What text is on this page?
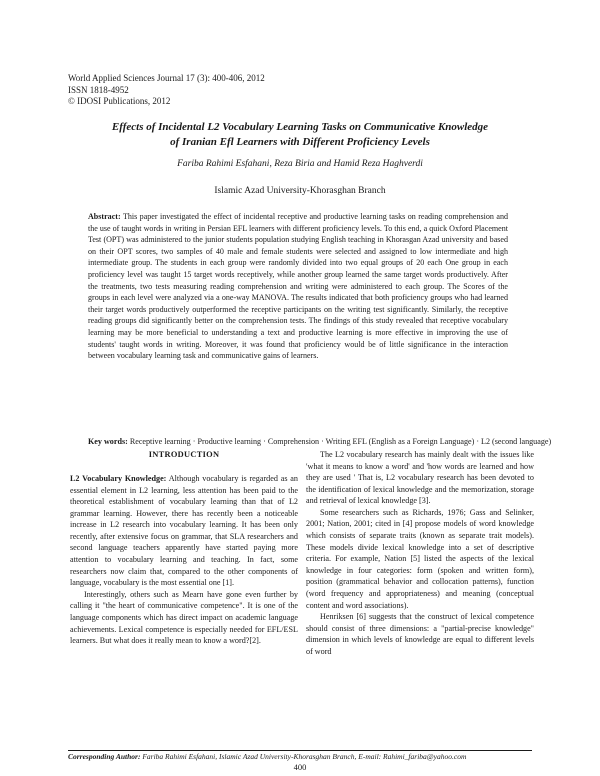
World Applied Sciences Journal 17 (3): 400-406, 2012
ISSN 1818-4952
© IDOSI Publications, 2012
Effects of Incidental L2 Vocabulary Learning Tasks on Communicative Knowledge
of Iranian Efl Learners with Different Proficiency Levels
Fariba Rahimi Esfahani, Reza Biria and Hamid Reza Haghverdi
Islamic Azad University-Khorasghan Branch
Abstract: This paper investigated the effect of incidental receptive and productive learning tasks on reading comprehension and the use of taught words in writing in Persian EFL learners with different proficiency levels. To this end, a quick Oxford Placement Test (OPT) was administered to the junior students population studying English teaching in Khorasgan Azad university and based on their OPT scores, two samples of 40 male and female students were selected and assigned to low intermediate and high intermediate group. The students in each group were randomly divided into two equal groups of 20 each One group in each proficiency level was taught 15 target words receptively, while another group learned the same target words productively. After the treatments, two tests measuring reading comprehension and writing were administered to each group. The Scores of the groups in each level were analyzed via a one-way MANOVA. The results indicated that both proficiency groups who had learned their target words productively outperformed the receptive participants on the writing test significantly. Similarly, the receptive reading groups did significantly better on the comprehension tests. The findings of this study revealed that receptive vocabulary learning may be more beneficial to understanding a text and productive learning is more effective in improving the use of students' taught words in writing. Moreover, it was found that proficiency would be of little significance in the interaction between vocabulary learning task and communicative gains of learners.
Key words: Receptive learning · Productive learning · Comprehension · Writing EFL (English as a Foreign Language) · L2 (second language)

INTRODUCTION

L2 Vocabulary Knowledge: Although vocabulary is regarded as an essential element in L2 learning, less attention has been paid to the theoretical establishment of vocabulary learning than that of L2 grammar learning. However, there has recently been a noticeable increase in L2 research into vocabulary learning. It has been only recently, after extensive focus on grammar, that SLA researchers and second language teachers apparently have started paying more attention to vocabulary learning and teaching. In fact, some researchers now claim that, compared to the other components of language, vocabulary is the most essential one [1].

Interestingly, others such as Mearn have gone even further by calling it "the heart of communicative competence". It is one of the language components which has direct impact on academic language achievements. Lexical competence is especially needed for EFL/ESL learners. But what does it really mean to know a word?[2].

The L2 vocabulary research has mainly dealt with the issues like 'what it means to know a word' and 'how words are learned and how they are used ' That is, L2 vocabulary research has been devoted to the identification of lexical knowledge and the memorization, storage and retrieval of lexical knowledge [3].

Some researchers such as Richards, 1976; Gass and Selinker, 2001; Nation, 2001; cited in [4] propose models of word knowledge which consists of separate traits (known as separate trait models). These models divide lexical knowledge into a set of descriptive criteria. For example, Nation [5] listed the aspects of the lexical knowledge in four categories: form (spoken and written form), position (grammatical behavior and collocation patterns), function (word frequency and appropriateness) and meaning (conceptual content and word associations).

Henriksen [6] suggests that the construct of lexical competence should consist of three dimensions: a "partial-precise knowledge" dimension in which levels of knowledge are equal to different levels of word

Corresponding Author: Fariba Rahimi Esfahani, Islamic Azad University-Khorasghan Branch, E-mail: Rahimi_fariba@yahoo.com
400
